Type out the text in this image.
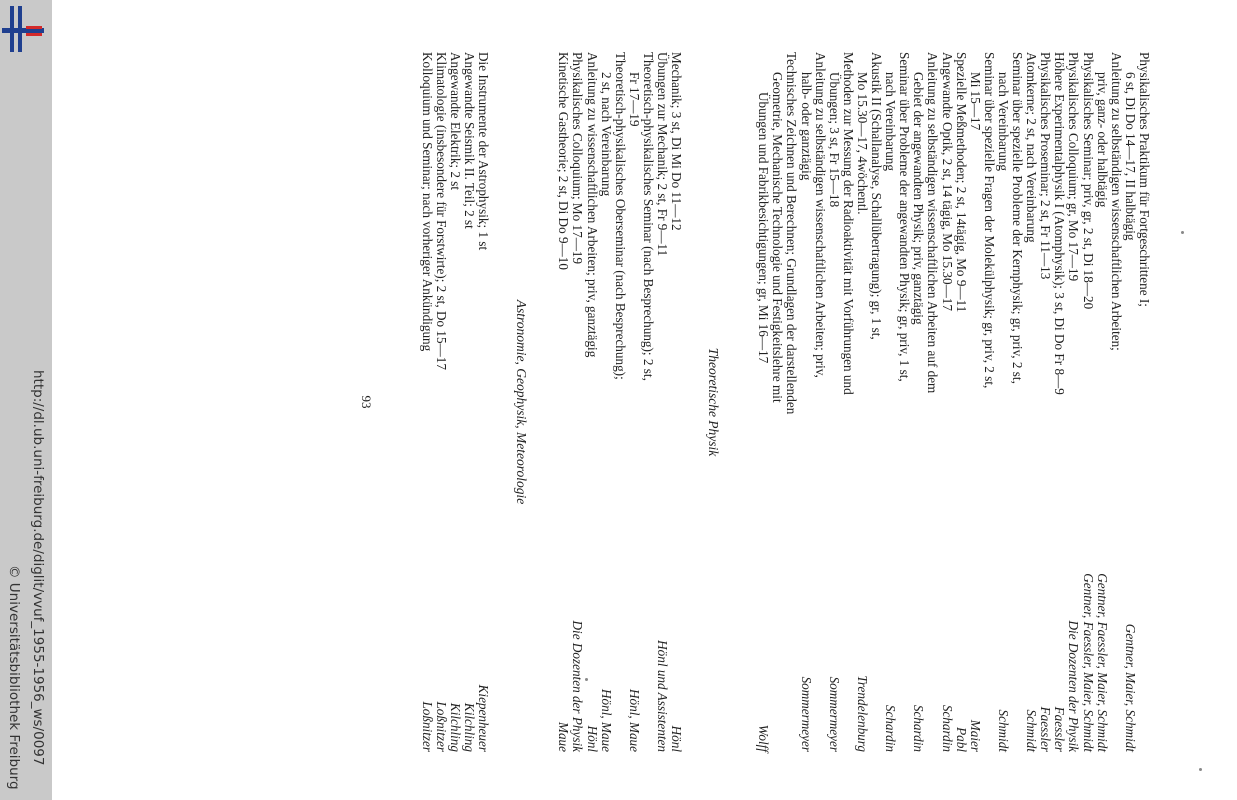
http://dl.ub.uni-freiburg.de/diglit/vvuf_1955-1956_ws/0097
© Universitätsbibliothek Freiburg
Physikalisches Praktikum für Fortgeschrittene I;
6 st, Di Do 14—17, II halbtägig
Gentner, Maier, Schmidt
Anleitung zu selbständigen wissenschaftlichen Arbeiten;
priv, ganz- oder halbtägig
Gentner, Faessler, Maier, Schmidt
Physikalisches Seminar; priv, gr, 2 st, Di 18—20
Gentner, Faessler, Maier, Schmidt
Physikalisches Colloquium; gr, Mo 17—19
Die Dozenten der Physik
Höhere Experimentalphysik I (Atomphysik); 3 st, Di Do Fr 8—9
Faessler
Physikalisches Proseminar; 2 st, Fr 11—13
Faessler
Atomkerne; 2 st, nach Vereinbarung
Schmidt
Seminar über spezielle Probleme der Kernphysik; gr, priv, 2 st,
nach Vereinbarung
Schmidt
Seminar über spezielle Fragen der Molekülphysik; gr, priv, 2 st,
Mi 15—17
Maier
Spezielle Meßmethoden; 2 st, 14tägig, Mo 9—11
Pabl
Angewandte Optik, 2 st, 14 tägig, Mo 15.30—17
Schardin
Anleitung zu selbständigen wissenschaftlichen Arbeiten auf dem
Gebiet der angewandten Physik; priv, ganztägig
Schardin
Seminar über Probleme der angewandten Physik; gr, priv, 1 st,
nach Vereinbarung
Schardin
Akustik II (Schallanalyse, Schallübertragung); gr, 1 st,
Mo 15.30—17, 4wöchentl.
Trendelenburg
Methoden zur Messung der Radioaktivität mit Vorführungen und
Übungen; 3 st, Fr 15—18
Sommermeyer
Anleitung zu selbständigen wissenschaftlichen Arbeiten; priv,
halb- oder ganztägig
Sommermeyer
Technisches Zeichnen und Berechnen; Grundlagen der darstellenden
Geometrie, Mechanische Technologie und Festigkeitslehre mit
Übungen und Fabrikbesichtigungen; gr, Mi 16—17
Wolff
Theoretische Physik
Mechanik; 3 st, Di Mi Do 11—12
Hönl
Übungen zur Mechanik; 2 st, Fr 9—11
Hönl und Assistenten
Theoretisch-physikalisches Seminar (nach Besprechung); 2 st,
Fr 17—19
Hönl, Maue
Theoretisch-physikalisches Oberseminar (nach Besprechung);
2 st, nach Vereinbarung
Hönl, Maue
Anleitung zu wissenschaftlichen Arbeiten; priv, ganztägig
Hönl
Physikalisches Colloquium; Mo 17—19
Die Dozenten der Physik
Kinetische Gastheorie; 2 st, Di Do 9—10
Maue
Astronomie, Geophysik, Meteorologie
Die Instrumente der Astrophysik; 1 st
Kiepenheuer
Angewandte Seismik II. Teil; 2 st
Kilchling
Angewandte Elektrik; 2 st
Kilchling
Klimatologie (insbesondere für Forstwirte); 2 st, Do 15—17
Loßnitzer
Kolloquium und Seminar; nach vorheriger Ankündigung
Loßnitzer
93
